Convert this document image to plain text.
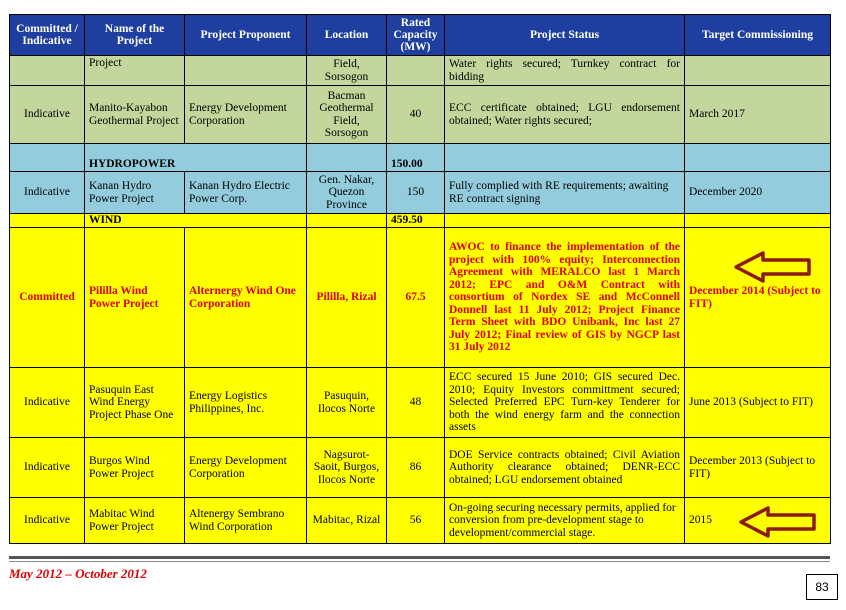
Committed / Indicative	Name of the Project	Project Proponent	Location	Rated Capacity (MW)	Project Status	Target Commissioning
	Project		Field, Sorsogon		Water rights secured; Turnkey contract for bidding	
Indicative	Manito-Kayabon Geothermal Project	Energy Development Corporation	Bacman Geothermal Field, Sorsogon	40	ECC certificate obtained; LGU endorsement obtained; Water rights secured;	March 2017
	HYDROPOWER			150.00		
Indicative	Kanan Hydro Power Project	Kanan Hydro Electric Power Corp.	Gen. Nakar, Quezon Province	150	Fully complied with RE requirements; awaiting RE contract signing	December 2020
	WIND			459.50		
Committed	Pililla Wind Power Project	Alternergy Wind One Corporation	Pililla, Rizal	67.5	AWOC to finance the implementation of the project with 100% equity; Interconnection Agreement with MERALCO last 1 March 2012; EPC and O&M Contract with consortium of Nordex SE and McConnell Donnell last 11 July 2012; Project Finance Term Sheet with BDO Unibank, Inc last 27 July 2012; Final review of GIS by NGCP last 31 July 2012	December 2014 (Subject to FIT)
Indicative	Pasuquin East Wind Energy Project Phase One	Energy Logistics Philippines, Inc.	Pasuquin, Ilocos Norte	48	ECC secured 15 June 2010; GIS secured Dec. 2010; Equity Investors committment secured; Selected Preferred EPC Turn-key Tenderer for both the wind energy farm and the connection assets	June 2013 (Subject to FIT)
Indicative	Burgos Wind Power Project	Energy Development Corporation	Nagsurot-Saoit, Burgos, Ilocos Norte	86	DOE Service contracts obtained; Civil Aviation Authority clearance obtained; DENR-ECC obtained; LGU endorsement obtained	December 2013 (Subject to FIT)
Indicative	Mabitac Wind Power Project	Altenergy Sembrano Wind Corporation	Mabitac, Rizal	56	On-going securing necessary permits, applied for conversion from pre-development stage to development/commercial stage.	2015
May 2012 – October 2012
83
